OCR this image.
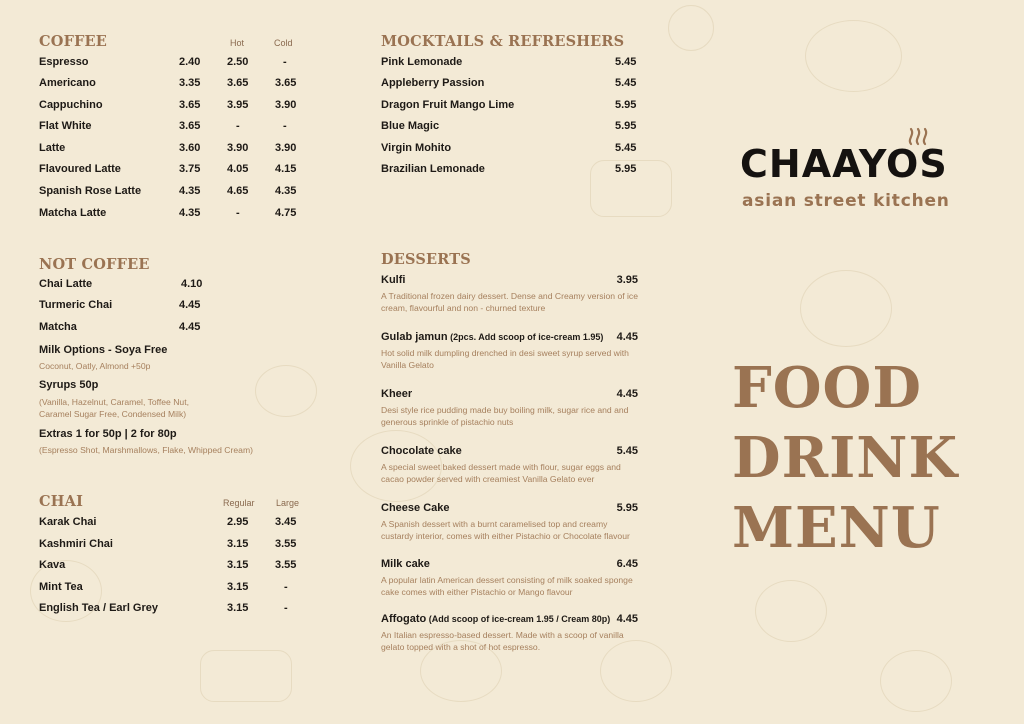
COFFEE	Hot	Cold
Espresso	2.40 2.50	-
Americano	3.35 3.65 3.65
Cappuchino	3.65 3.95 3.90
Flat White	3.65	-	-
Latte	3.60 3.90 3.90
Flavoured Latte	3.75 4.05 4.15
Spanish Rose Latte	4.35 4.65 4.35
Matcha Latte	4.35	-	4.75
NOT COFFEE
Chai Latte	4.10
Turmeric Chai	4.45
Matcha	4.45
Milk Options - Soya Free
Coconut, Oatly, Almond +50p
Syrups 50p
(Vanilla, Hazelnut, Caramel, Toffee Nut,
Caramel Sugar Free, Condensed Milk)
Extras 1 for 50p | 2 for 80p
(Espresso Shot, Marshmallows, Flake, Whipped Cream)
CHAI	Regular Large
Karak Chai	2.95 3.45
Kashmiri Chai	3.15 3.55
Kava	3.15 3.55
Mint Tea	3.15	-
English Tea / Earl Grey	3.15	-
MOCKTAILS & REFRESHERS
Pink Lemonade	5.45
Appleberry Passion	5.45
Dragon Fruit Mango Lime	5.95
Blue Magic	5.95
Virgin Mohito	5.45
Brazilian Lemonade	5.95
DESSERTS
Kulfi	3.95
A Traditional frozen dairy dessert. Dense and Creamy version of ice
cream, flavourful and non - churned texture
Gulab jamun (2pcs. Add scoop of ice-cream 1.95)	4.45
Hot solid milk dumpling drenched in desi sweet syrup served with
Vanilla Gelato
Kheer	4.45
Desi style rice pudding made buy boiling milk, sugar rice and and
generous sprinkle of pistachio nuts
Chocolate cake	5.45
A special sweet baked dessert made with flour, sugar eggs and
cacao powder served with creamiest Vanilla Gelato ever
Cheese Cake	5.95
A Spanish dessert with a burnt caramelised top and creamy
custardy interior, comes with either Pistachio or Chocolate flavour
Milk cake	6.45
A popular latin American dessert consisting of milk soaked sponge
cake comes with either Pistachio or Mango flavour
Affogato (Add scoop of ice-cream 1.95 / Cream 80p) 4.45
An Italian espresso-based dessert. Made with a scoop of vanilla
gelato topped with a shot of hot espresso.
CHAAYOS
asian street kitchen
FOOD
DRINK
MENU
